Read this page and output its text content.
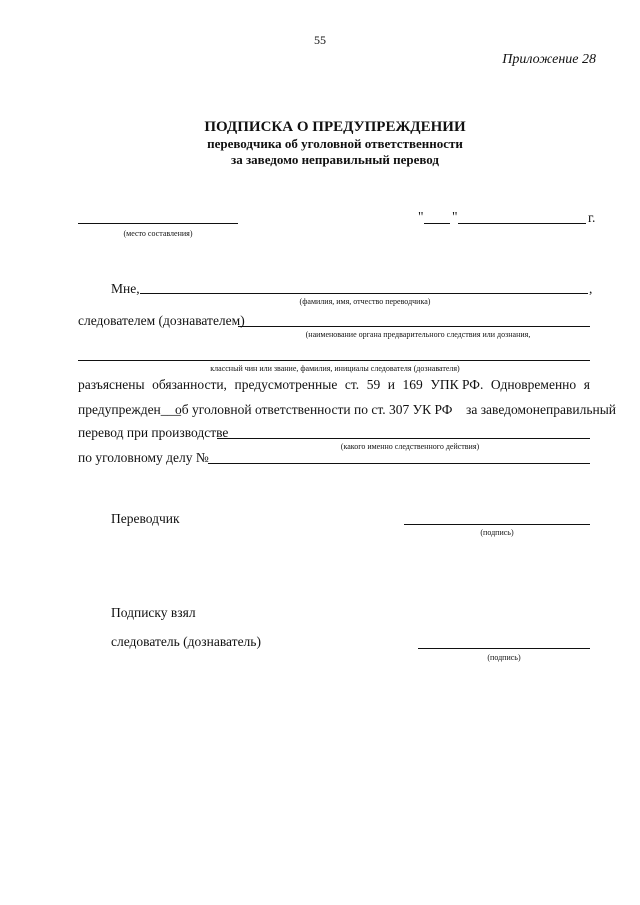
55
Приложение 28
ПОДПИСКА О ПРЕДУПРЕЖДЕНИИ
переводчика об уголовной ответственности
за заведомо неправильный перевод
(место составления)
" "	г.
Мне,	,
(фамилия, имя, отчество переводчика)
следователем (дознавателем)
(наименование органа предварительного следствия или дознания,
классный чин или звание, фамилия, инициалы следователя (дознавателя)
разъяснены обязанности, предусмотренные ст. 59 и 169 УПК РФ. Одновременно я
предупрежден___
об уголовной ответственности по ст. 307 УК РФ за заведомо неправильный
перевод при производстве
(какого именно следственного действия)
по уголовному делу №
Переводчик
(подпись)
Подписку взял
следователь (дознаватель)
(подпись)
